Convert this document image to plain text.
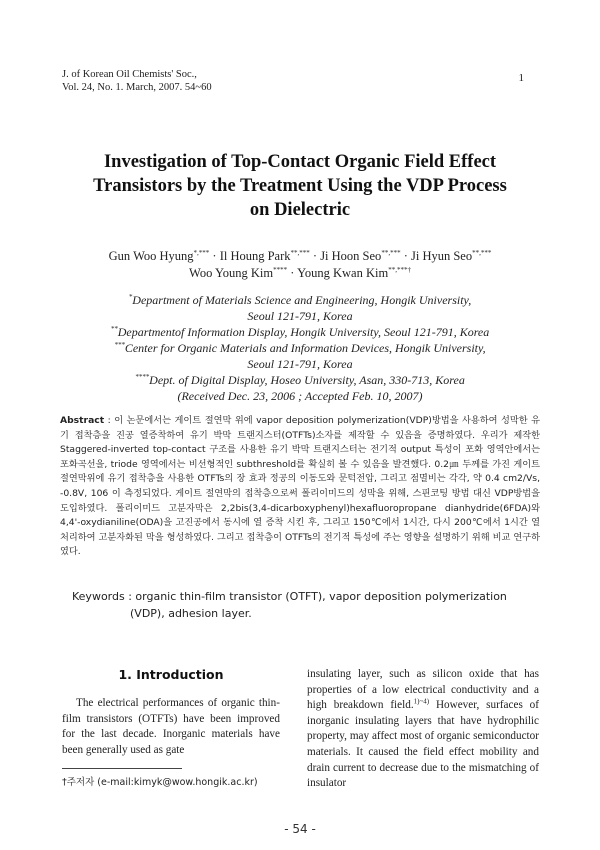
J. of Korean Oil Chemists' Soc.,
Vol. 24, No. 1. March, 2007. 54~60
1
Investigation of Top-Contact Organic Field Effect
Transistors by the Treatment Using the VDP Process
on Dielectric
Gun Woo Hyung*,*** · Il Houng Park**,*** · Ji Hoon Seo**,*** · Ji Hyun Seo**,***
Woo Young Kim**** · Young Kwan Kim**,***†
*Department of Materials Science and Engineering, Hongik University,
Seoul 121-791, Korea
**Departmentof Information Display, Hongik University, Seoul 121-791, Korea
***Center for Organic Materials and Information Devices, Hongik University,
Seoul 121-791, Korea
****Dept. of Digital Display, Hoseo University, Asan, 330-713, Korea
(Received Dec. 23, 2006 ; Accepted Feb. 10, 2007)
Abstract : 이 논문에서는 게이트 절연막 위에 vapor deposition polymerization(VDP)방법을 사용하여 성막한 유기 접착층을 진공 열증착하여 유기 박막 트랜지스터(OTFTs)소자를 제작할 수 있음을 증명하였다. 우리가 제작한 Staggered-inverted top-contact 구조를 사용한 유기 박막 트랜지스터는 전기적 output 특성이 포화 영역안에서는 포화곡선을, triode 영역에서는 비선형적인 subthreshold를 확실히 볼 수 있음을 발견했다. 0.2㎛ 두께를 가진 게이트 절연막위에 유기 접착층을 사용한 OTFTs의 장 효과 정공의 이동도와 문턱전압, 그리고 점멸비는 각각, 약 0.4 cm2/Vs, -0.8V, 106 이 측정되었다. 게이트 절연막의 접착층으로써 폴리이미드의 성막을 위해, 스핀코팅 방법 대신 VDP방법을 도입하였다. 폴리이미드 고분자막은 2,2bis(3,4-dicarboxyphenyl)hexafluoropropane dianhydride(6FDA)와 4,4'-oxydianiline(ODA)을 고진공에서 동시에 열 증착 시킨 후, 그리고 150℃에서 1시간, 다시 200℃에서 1시간 열처리하여 고분자화된 막을 형성하였다. 그리고 접착층이 OTFTs의 전기적 특성에 주는 영향을 설명하기 위해 비교 연구하였다.
Keywords : organic thin-film transistor (OTFT), vapor deposition polymerization
(VDP), adhesion layer.
1. Introduction

The electrical performances of organic thin-film transistors (OTFTs) have been improved for the last decade. Inorganic materials have been generally used as gate

insulating layer, such as silicon oxide that has properties of a low electrical conductivity and a high breakdown field.$^{1)\sim 4)}$ However, surfaces of inorganic insulating layers that have hydrophilic property, may affect most of organic semiconductor materials. It caused the field effect mobility and drain current to decrease due to the mismatching of insulator

†주저자 (e-mail:kimyk@wow.hongik.ac.kr)
- 54 -
